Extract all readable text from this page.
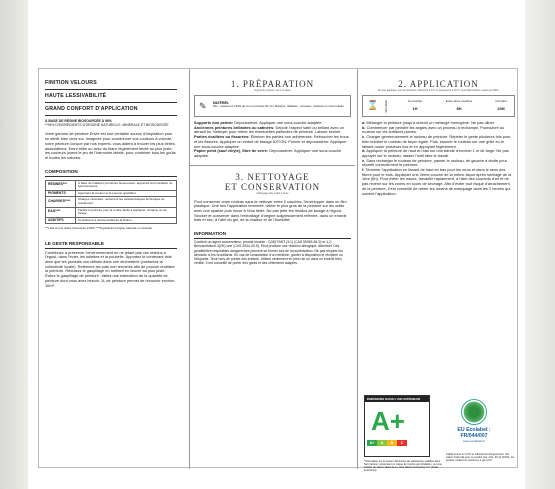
FINITION VELOURS
HAUTE LESSIVABILITÉ
GRAND CONFORT D'APPLICATION
À BASE DE RÉSINE BIOSOURCÉE À 96%
**94% D'INGRÉDIENTS D'ORIGINE NATURELLE, MINÉRALE ET BIOSOURCÉE
Votre gamme de peinture Envie est une véritable source d'inspiration pour se sentir bien chez soi. Imaginée pour coordonner vos couleurs à volonté, notre peinture conçue par nos experts, vous aidera à trouver les plus belles associations. Entre elles ou avec du blanc légèrement teinté au plus juste, les couleurs jouent le jeu de l'harmonie idéale, pour combiner tous les goûts et toutes les natures.
COMPOSITION
RÉSINES***	À base de matières premières biosourcées, apportant la formulation du liant biosourcé.
PIGMENTS	Apportent la couleur et le pouvoir opacifiant.
CHARGES****	Charges minérales, renforcent les caractéristiques techniques du revêtement.
EAU****	Facilite la peinture pour la rendre facile à appliquer, d'origine ou de forage.
ADDITIFS	Contribuent à rendre parfait de la finition.
***Liant ici une résine biosourcée à 96% ****Ingrédients d'origine naturelle ou minérale
LE GESTE RESPONSABLE
Contribuez à préserver l'environnement en ne jetant pas vos résidus à l'égout, dans l'évier, les toilettes et la poubelle. Apportez le contenant vide ainsi que les produits non utilisés dans une déchetterie (contactez la collectivité locale). Refermez les pots non terminés afin de pouvoir réutiliser la peinture. Réduisez le gaspillage en mettant en œuvre au plus juste. Évitez le gaspillage de peinture : faites une estimation de la quantité de peinture dont vous avez besoin. 1L de peinture permet de recouvrir environ 10m².
1. PRÉPARATION
Supports propres, secs et sains
✎ MATÉRIEL
Mur : rouleau en 12/20 de mur et pinceau 30 mm. Boiserie, radiateur : pinceaux, rouleaux en mini-rouleau
Supports non peints: Dépoussiérer. Appliquer une sous-couche adaptée.
Anciennes peintures brillantes ou satinées: Dépolir l'aspect satin ou brillant avec un abrasif fin. Nettoyer pour retirer les éventuelles particules de peinture. Laisser sécher.
Parties écaillées ou fissurées: Éliminer les parties non adhérentes. Reboucher les trous et les fissures. Appliquer un enduit de lissage AXTON. Poncer et dépoussiérer. Appliquer une sous-couche adaptée.
Papier peint (sauf vinyle), fibre de verre: Dépoussiérer. Appliquer une sous-couche adaptée.
3. NETTOYAGE
ET CONSERVATION
Nettoyage des outils à l'eau
Pour conserver votre rouleau sans le nettoyer entre 2 couches, l'envelopper dans un film plastique. Une fois l'application terminée, retirer le plus gros de la peinture sur les outils avec une spatule puis rincer à l'eau tiède. Ne pas jeter les résidus de lavage à l'égout. Stocker et conserver dans l'emballage d'origine soigneusement refermé, dans un endroit frais et sec, à l'abri du gel, de la chaleur et de l'humidité.
INFORMATION
Contient un agent conservateur, produit biocide : C(M)IT/MIT (3:1) (CAS 55965-84-9) et 1,2-Benzisothiazol-3(2H)-one (CAS 2634-33-5). Peut produire une réaction allergique. Attention! Des gouttelettes respirables dangereuses peuvent se former lors de la pulvérisation. Ne pas respirer les aérosols ni les brouillards. En cas de consultation d'un médecin, garder à disposition le récipient ou l'étiquette. Tenir hors de portée des enfants. Utiliser seulement en plein air ou dans un endroit bien ventilé. Il est conseillé de porter des gants et des vêtements adaptés.
2. APPLICATION
Ne pas appliquer par température inférieure à 8°C et supérieure à 25°C. Humidité relative maximum 80%.
⌛	SÉCHAGE	Au toucher
1H
Entre deux couches
6H
Complet
24H
a. Mélanger la peinture jusqu'à obtenir un mélange homogène. Ne pas diluer.
b. Commencer par peindre les angles avec un pinceau à rechampir. Poursuivre au rouleau sur les surfaces planes.
c. Charger généreusement le rouleau de peinture. Répéter le geste plusieurs fois pour bien imbiber le rouleau de façon égale. Puis, essorer le rouleau sur une grille en le faisant rouler plusieurs fois et en appuyant légèrement.
d. Appliquer la peinture de haut en bas sur une bande d'environ 1 m de large. Ne pas appuyer sur le rouleau, laisser l'outil faire le travail.
e. Sans recharger le rouleau de peinture, passer le rouleau, de gauche à droite pour répartir correctement la peinture.
f. Terminer l'application en lissant de haut en bas pour les murs et dans le sens des fibres pour le bois. Appliquer une 2ème couche de la même façon après séchage de la 1ère (6h). Pour éviter les traces, travailler rapidement, à l'abri des courants d'air et ne pas revenir sur les zones en cours de séchage. Afin d'éviter tout risque d'arrachement de la peinture, il est conseillé de retirer les rubans de masquage dans les 2 heures qui suivent l'application.
ÉMISSIONS DANS L'AIR INTÉRIEUR
A+
A+	A	B	C
*Information sur le niveau d'émission de substances volatiles dans l'air intérieur, présentant un risque de toxicité par inhalation, sur une échelle de classe allant de A+ (très faibles émissions) à C (fortes émissions).
EU Ecolabel :
FR/044/007
www.ecolabels.fr
Faible teneur en COV et substances dangereuses. Voir valeur limite UE pour ce produit (cat. A/a): 30 g/l (2010). Ce produit contient au maximum 1 g/L COV.
